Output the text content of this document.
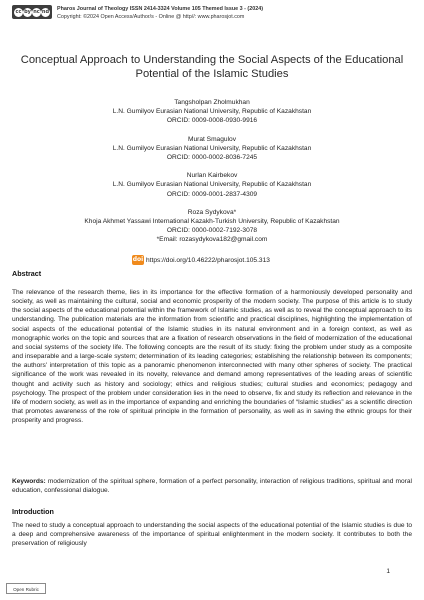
cc by nc nd Pharos Journal of Theology ISSN 2414-3324 Volume 105 Themed Issue 3 - (2024)
Copyright: ©2024 Open Access/Author/s - Online @ http//: www.pharosjot.com
Conceptual Approach to Understanding the Social Aspects of the Educational Potential of the Islamic Studies
Tangsholpan Zholmukhan
L.N. Gumilyov Eurasian National University, Republic of Kazakhstan
ORCID: 0009-0008-0930-9916
Murat Smagulov
L.N. Gumilyov Eurasian National University, Republic of Kazakhstan
ORCID: 0000-0002-8036-7245
Nurlan Kairbekov
L.N. Gumilyov Eurasian National University, Republic of Kazakhstan
ORCID: 0009-0001-2837-4309
Roza Sydykova*
Khoja Akhmet Yassawi International Kazakh-Turkish University, Republic of Kazakhstan
ORCID: 0000-0002-7192-3078
*Email: rozasydykova182@gmail.com
doi https://doi.org/10.46222/pharosjot.105.313
Abstract
The relevance of the research theme, lies in its importance for the effective formation of a harmoniously developed personality and society, as well as maintaining the cultural, social and economic prosperity of the modern society. The purpose of this article is to study the social aspects of the educational potential within the framework of Islamic studies, as well as to reveal the conceptual approach to its understanding. The publication materials are the information from scientific and practical disciplines, highlighting the implementation of social aspects of the educational potential of the Islamic studies in its natural environment and in a foreign context, as well as monographic works on the topic and sources that are a fixation of research observations in the field of modernization of the educational and social systems of the society life. The following concepts are the result of its study: fixing the problem under study as a composite and inseparable and a large-scale system; determination of its leading categories; establishing the relationship between its components; the authors' interpretation of this topic as a panoramic phenomenon interconnected with many other spheres of society. The practical significance of the work was revealed in its novelty, relevance and demand among representatives of the leading areas of scientific thought and activity such as history and sociology; ethics and religious studies; cultural studies and economics; pedagogy and psychology. The prospect of the problem under consideration lies in the need to observe, fix and study its reflection and relevance in the life of modern society, as well as in the importance of expanding and enriching the boundaries of “Islamic studies” as a scientific direction that promotes awareness of the role of spiritual principle in the formation of personality, as well as in saving the ethnic groups for their prosperity and progress.
Keywords: modernization of the spiritual sphere, formation of a perfect personality, interaction of religious traditions, spiritual and moral education, confessional dialogue.
Introduction
The need to study a conceptual approach to understanding the social aspects of the educational potential of the Islamic studies is due to a deep and comprehensive awareness of the importance of spiritual enlightenment in the modern society. It contributes to both the preservation of religiously
1
Open Rubric
